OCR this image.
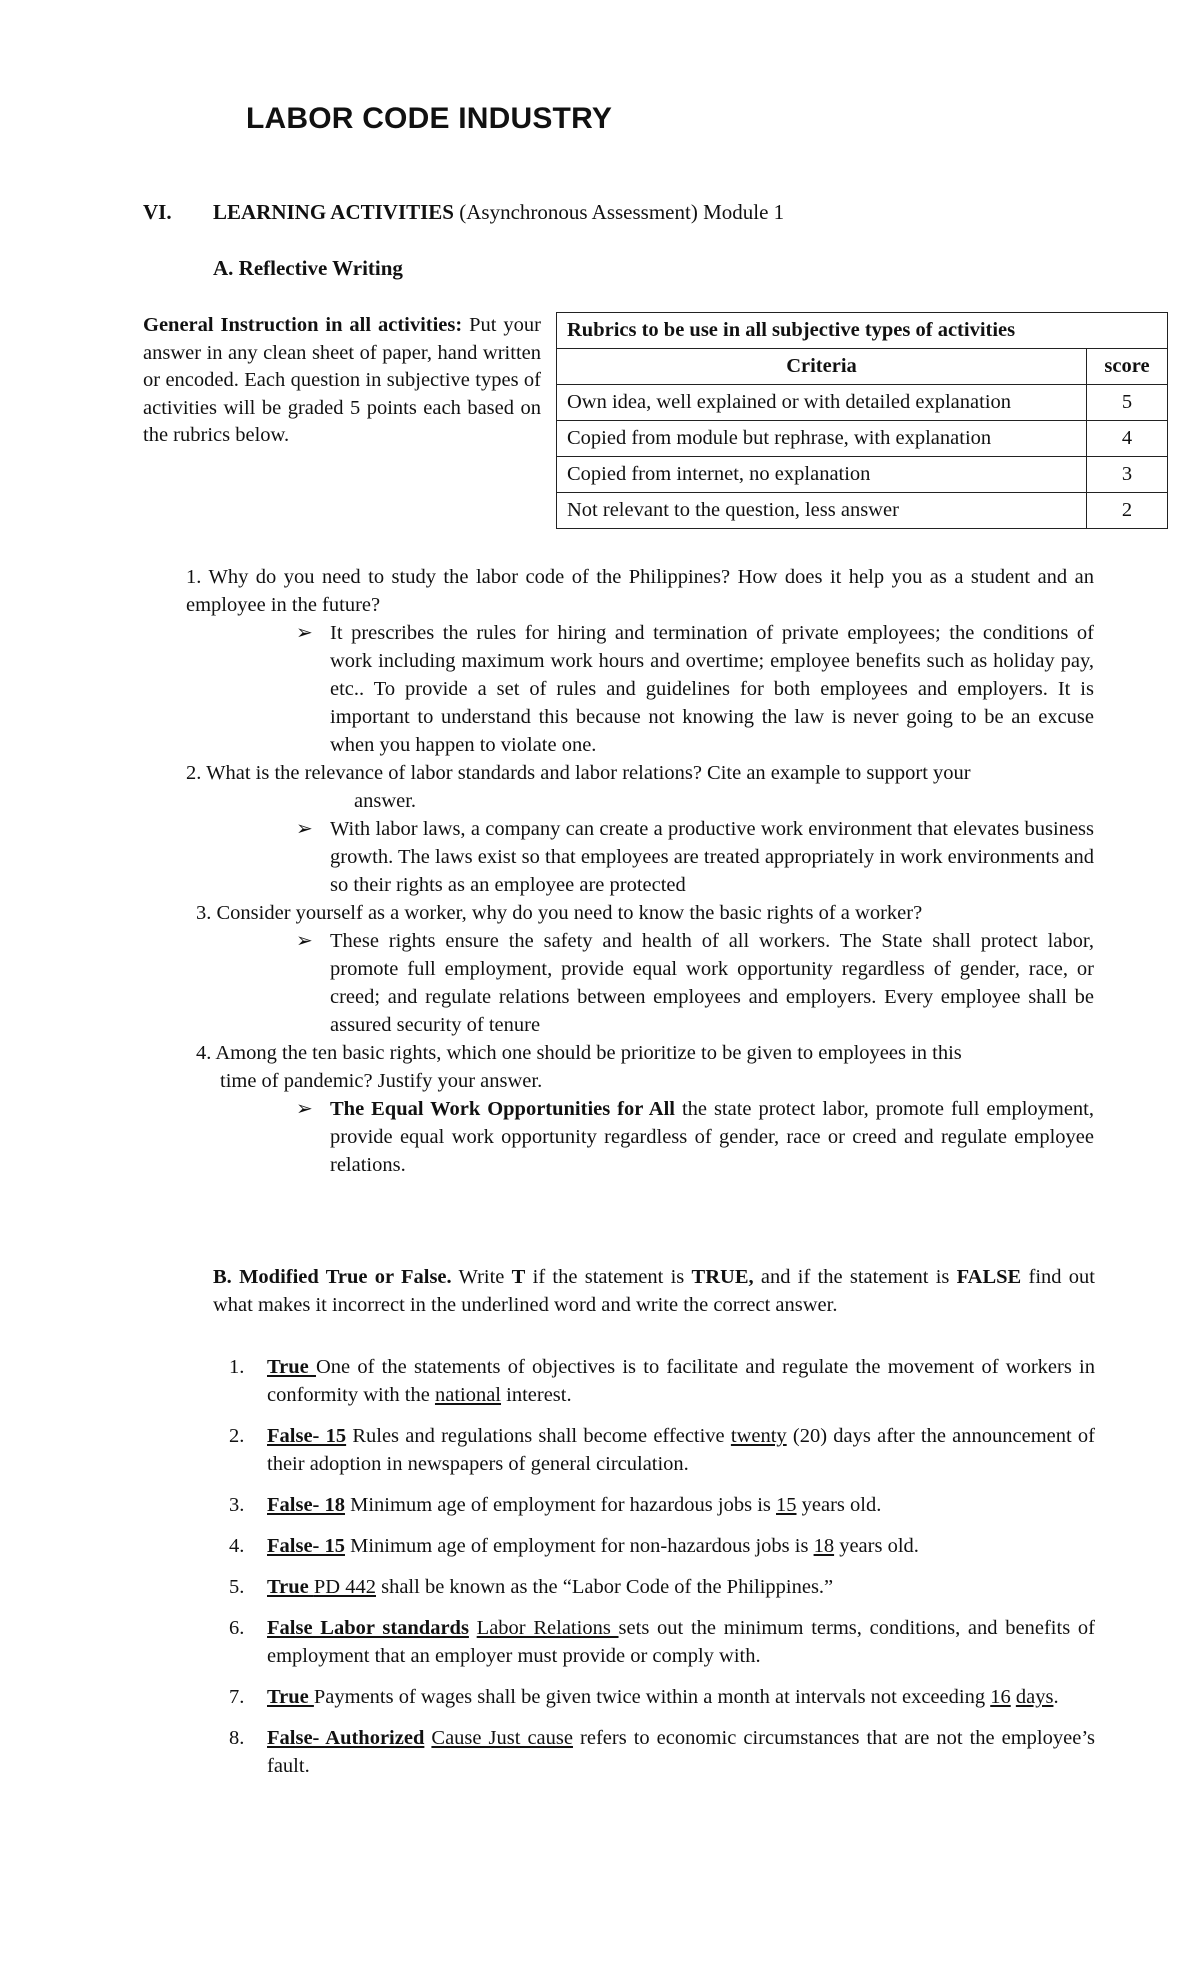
LABOR CODE INDUSTRY
VI. LEARNING ACTIVITIES (Asynchronous Assessment) Module 1
A. Reflective Writing
General Instruction in all activities: Put your answer in any clean sheet of paper, hand written or encoded. Each question in subjective types of activities will be graded 5 points each based on the rubrics below.
Rubrics to be use in all subjective types of activities	
Criteria	score
Own idea, well explained or with detailed explanation	5
Copied from module but rephrase, with explanation	4
Copied from internet, no explanation	3
Not relevant to the question, less answer	2
1. Why do you need to study the labor code of the Philippines? How does it help you as a student and an employee in the future?
➢ It prescribes the rules for hiring and termination of private employees; the conditions of work including maximum work hours and overtime; employee benefits such as holiday pay, etc.. To provide a set of rules and guidelines for both employees and employers. It is important to understand this because not knowing the law is never going to be an excuse when you happen to violate one.
2. What is the relevance of labor standards and labor relations? Cite an example to support your
answer.
➢ With labor laws, a company can create a productive work environment that elevates business growth. The laws exist so that employees are treated appropriately in work environments and so their rights as an employee are protected
3. Consider yourself as a worker, why do you need to know the basic rights of a worker?
➢ These rights ensure the safety and health of all workers. The State shall protect labor, promote full employment, provide equal work opportunity regardless of gender, race, or creed; and regulate relations between employees and employers. Every employee shall be assured security of tenure
4. Among the ten basic rights, which one should be prioritize to be given to employees in this
time of pandemic? Justify your answer.
➢ The Equal Work Opportunities for All the state protect labor, promote full employment, provide equal work opportunity regardless of gender, race or creed and regulate employee relations.
B. Modified True or False. Write T if the statement is TRUE, and if the statement is FALSE find out what makes it incorrect in the underlined word and write the correct answer.
1. True One of the statements of objectives is to facilitate and regulate the movement of workers in conformity with the national interest.
2. False- 15 Rules and regulations shall become effective twenty (20) days after the announcement of their adoption in newspapers of general circulation.
3. False- 18 Minimum age of employment for hazardous jobs is 15 years old.
4. False- 15 Minimum age of employment for non-hazardous jobs is 18 years old.
5. True PD 442 shall be known as the “Labor Code of the Philippines.”
6. False Labor standards Labor Relations sets out the minimum terms, conditions, and benefits of employment that an employer must provide or comply with.
7. True Payments of wages shall be given twice within a month at intervals not exceeding 16 days.
8. False- Authorized Cause Just cause refers to economic circumstances that are not the employee’s fault.
